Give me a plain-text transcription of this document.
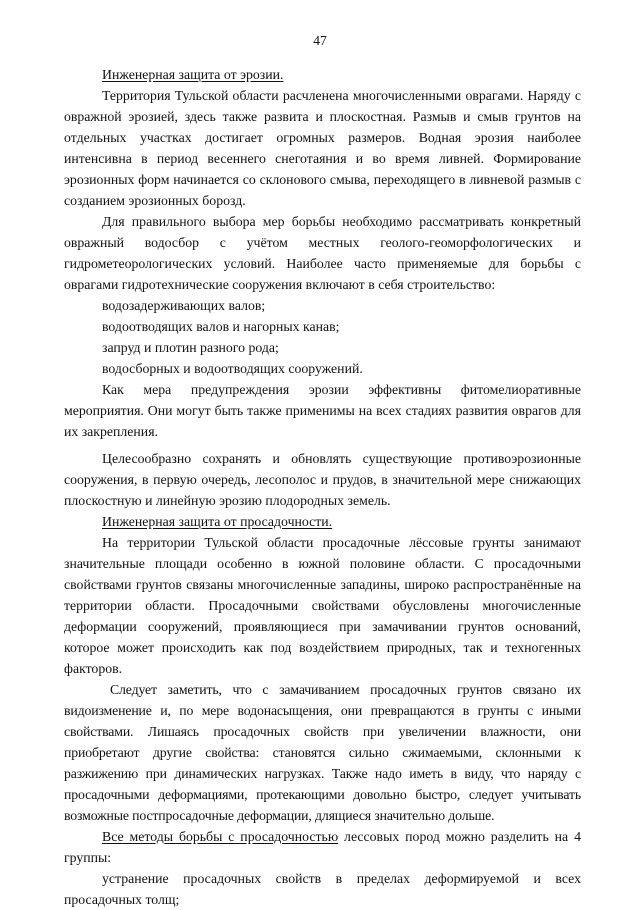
47
Инженерная защита от эрозии.

Территория Тульской области расчленена многочисленными оврагами. Наряду с овражной эрозией, здесь также развита и плоскостная. Размыв и смыв грунтов на отдельных участках достигает огромных размеров. Водная эрозия наиболее интенсивна в период весеннего снеготаяния и во время ливней. Формирование эрозионных форм начинается со склонового смыва, переходящего в ливневой размыв с созданием эрозионных борозд.

Для правильного выбора мер борьбы необходимо рассматривать конкретный овражный водосбор с учётом местных геолого-геоморфологических и гидрометеорологических условий. Наиболее часто применяемые для борьбы с оврагами гидротехнические сооружения включают в себя строительство:

водозадерживающих валов;
водоотводящих валов и нагорных канав;
запруд и плотин разного рода;
водосборных и водоотводящих сооружений.

Как мера предупреждения эрозии эффективны фитомелиоративные мероприятия. Они могут быть также применимы на всех стадиях развития оврагов для их закрепления.

Целесообразно сохранять и обновлять существующие противоэрозионные сооружения, в первую очередь, лесополос и прудов, в значительной мере снижающих плоскостную и линейную эрозию плодородных земель.

Инженерная защита от просадочности.

На территории Тульской области просадочные лёссовые грунты занимают значительные площади особенно в южной половине области. С просадочными свойствами грунтов связаны многочисленные западины, широко распространённые на территории области. Просадочными свойствами обусловлены многочисленные деформации сооружений, проявляющиеся при замачивании грунтов оснований, которое может происходить как под воздействием природных, так и техногенных факторов.

Следует заметить, что с замачиванием просадочных грунтов связано их видоизменение и, по мере водонасыщения, они превращаются в грунты с иными свойствами. Лишаясь просадочных свойств при увеличении влажности, они приобретают другие свойства: становятся сильно сжимаемыми, склонными к разжижению при динамических нагрузках. Также надо иметь в виду, что наряду с просадочными деформациями, протекающими довольно быстро, следует учитывать возможные постпросадочные деформации, длящиеся значительно дольше.

Все методы борьбы с просадочностью лессовых пород можно разделить на 4 группы:

устранение просадочных свойств в пределах деформируемой и всех просадочных толщ;
